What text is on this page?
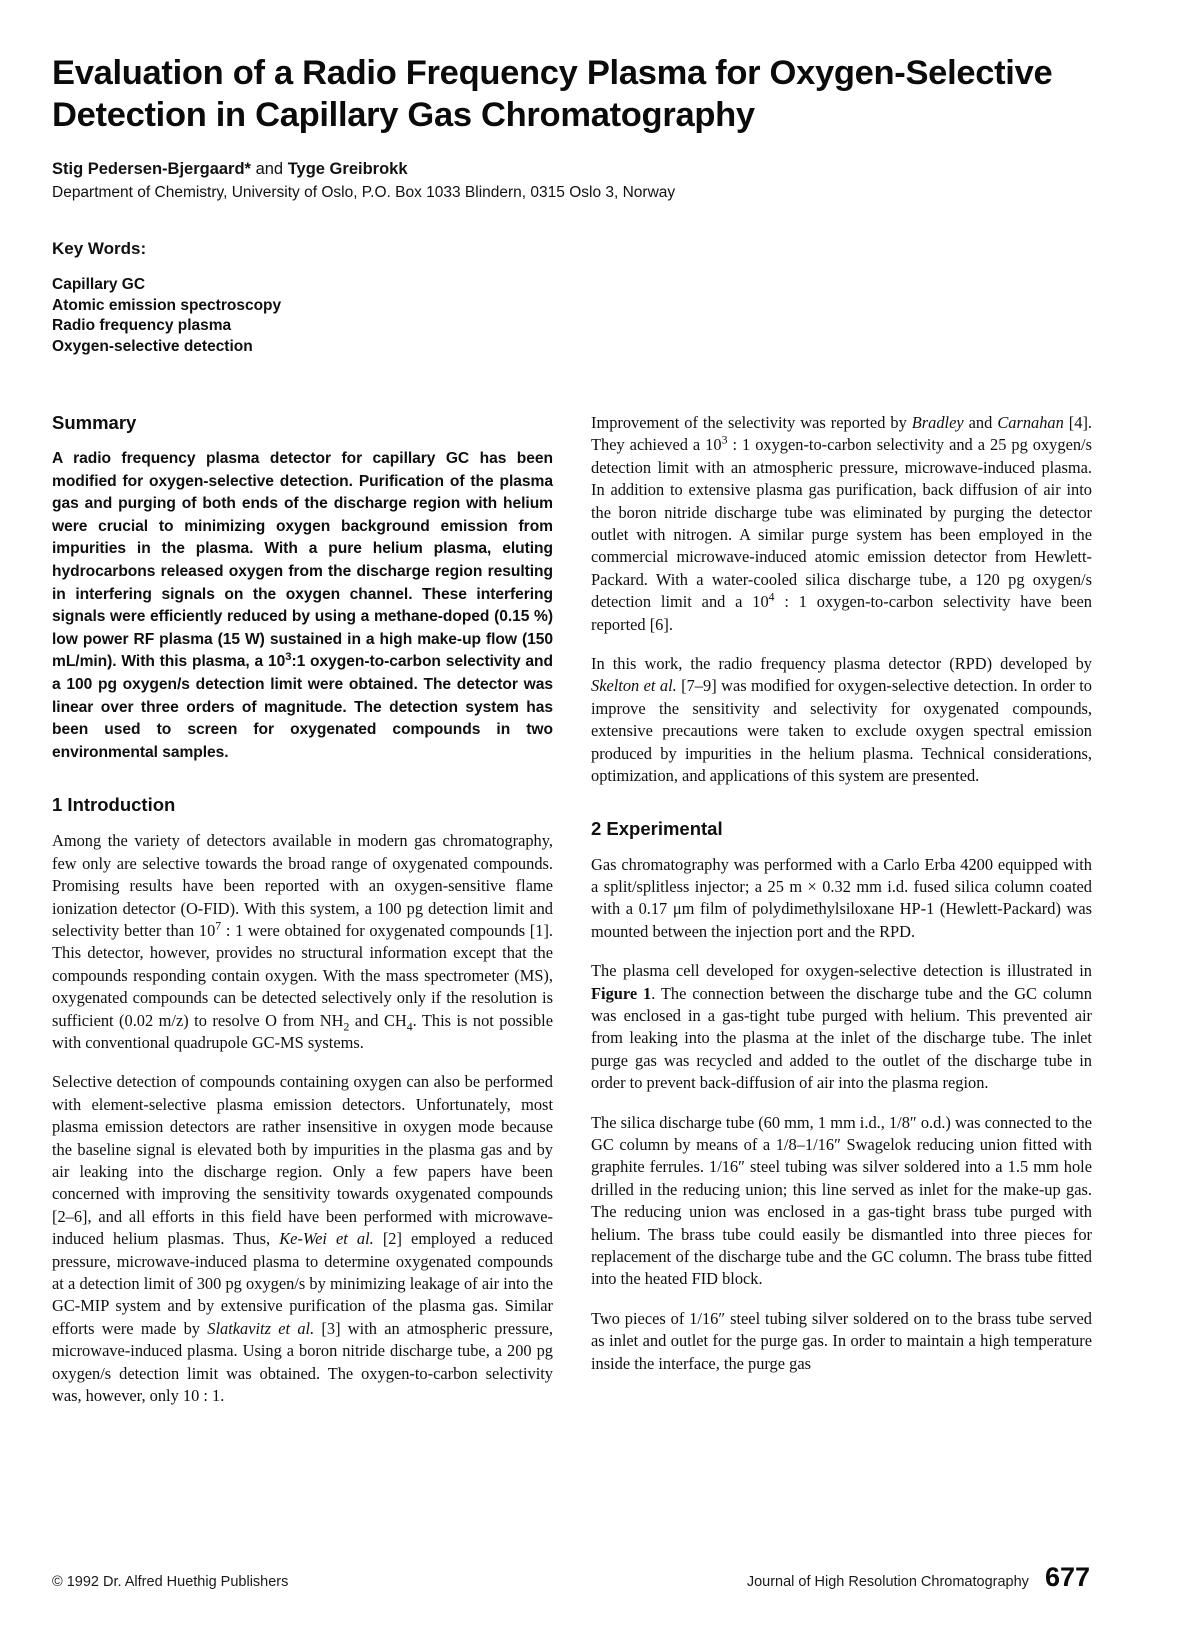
Evaluation of a Radio Frequency Plasma for Oxygen-Selective Detection in Capillary Gas Chromatography

Stig Pedersen-Bjergaard* and Tyge Greibrokk

Department of Chemistry, University of Oslo, P.O. Box 1033 Blindern, 0315 Oslo 3, Norway

Key Words:
Capillary GC
Atomic emission spectroscopy
Radio frequency plasma
Oxygen-selective detection
Summary

A radio frequency plasma detector for capillary GC has been modified for oxygen-selective detection. Purification of the plasma gas and purging of both ends of the discharge region with helium were crucial to minimizing oxygen background emission from impurities in the plasma. With a pure helium plasma, eluting hydrocarbons released oxygen from the discharge region resulting in interfering signals on the oxygen channel. These interfering signals were efficiently reduced by using a methane-doped (0.15 %) low power RF plasma (15 W) sustained in a high make-up flow (150 mL/min). With this plasma, a $10^3:1$ oxygen-to-carbon selectivity and a 100 pg oxygen/s detection limit were obtained. The detector was linear over three orders of magnitude. The detection system has been used to screen for oxygenated compounds in two environmental samples.

1 Introduction

Among the variety of detectors available in modern gas chromatography, few only are selective towards the broad range of oxygenated compounds. Promising results have been reported with an oxygen-sensitive flame ionization detector (O-FID). With this system, a 100 pg detection limit and selectivity better than $10^7$ : 1 were obtained for oxygenated compounds [1]. This detector, however, provides no structural information except that the compounds responding contain oxygen. With the mass spectrometer (MS), oxygenated compounds can be detected selectively only if the resolution is sufficient (0.02 m/z) to resolve O from $NH_2$ and $CH_4$. This is not possible with conventional quadrupole GC-MS systems.

Selective detection of compounds containing oxygen can also be performed with element-selective plasma emission detectors. Unfortunately, most plasma emission detectors are rather insensitive in oxygen mode because the baseline signal is elevated both by impurities in the plasma gas and by air leaking into the discharge region. Only a few papers have been concerned with improving the sensitivity towards oxygenated compounds [2–6], and all efforts in this field have been performed with microwave-induced helium plasmas. Thus, Ke-Wei et al. [2] employed a reduced pressure, microwave-induced plasma to determine oxygenated compounds at a detection limit of 300 pg oxygen/s by minimizing leakage of air into the GC-MIP system and by extensive purification of the plasma gas. Similar efforts were made by Slatkavitz et al. [3] with an atmospheric pressure, microwave-induced plasma. Using a boron nitride discharge tube, a 200 pg oxygen/s detection limit was obtained. The oxygen-to-carbon selectivity was, however, only 10 : 1.

Improvement of the selectivity was reported by Bradley and Carnahan [4]. They achieved a $10^3$ : 1 oxygen-to-carbon selectivity and a 25 pg oxygen/s detection limit with an atmospheric pressure, microwave-induced plasma. In addition to extensive plasma gas purification, back diffusion of air into the boron nitride discharge tube was eliminated by purging the detector outlet with nitrogen. A similar purge system has been employed in the commercial microwave-induced atomic emission detector from Hewlett-Packard. With a water-cooled silica discharge tube, a 120 pg oxygen/s detection limit and a $10^4$ : 1 oxygen-to-carbon selectivity have been reported [6].

In this work, the radio frequency plasma detector (RPD) developed by Skelton et al. [7–9] was modified for oxygen-selective detection. In order to improve the sensitivity and selectivity for oxygenated compounds, extensive precautions were taken to exclude oxygen spectral emission produced by impurities in the helium plasma. Technical considerations, optimization, and applications of this system are presented.

2 Experimental

Gas chromatography was performed with a Carlo Erba 4200 equipped with a split/splitless injector; a 25 m × 0.32 mm i.d. fused silica column coated with a 0.17 μm film of polydimethylsiloxane HP-1 (Hewlett-Packard) was mounted between the injection port and the RPD.

The plasma cell developed for oxygen-selective detection is illustrated in Figure 1. The connection between the discharge tube and the GC column was enclosed in a gas-tight tube purged with helium. This prevented air from leaking into the plasma at the inlet of the discharge tube. The inlet purge gas was recycled and added to the outlet of the discharge tube in order to prevent back-diffusion of air into the plasma region.

The silica discharge tube (60 mm, 1 mm i.d., 1/8″ o.d.) was connected to the GC column by means of a 1/8–1/16″ Swagelok reducing union fitted with graphite ferrules. 1/16″ steel tubing was silver soldered into a 1.5 mm hole drilled in the reducing union; this line served as inlet for the make-up gas. The reducing union was enclosed in a gas-tight brass tube purged with helium. The brass tube could easily be dismantled into three pieces for replacement of the discharge tube and the GC column. The brass tube fitted into the heated FID block.

Two pieces of 1/16″ steel tubing silver soldered on to the brass tube served as inlet and outlet for the purge gas. In order to maintain a high temperature inside the interface, the purge gas

© 1992 Dr. Alfred Huethig Publishers	Journal of High Resolution Chromatography 677
